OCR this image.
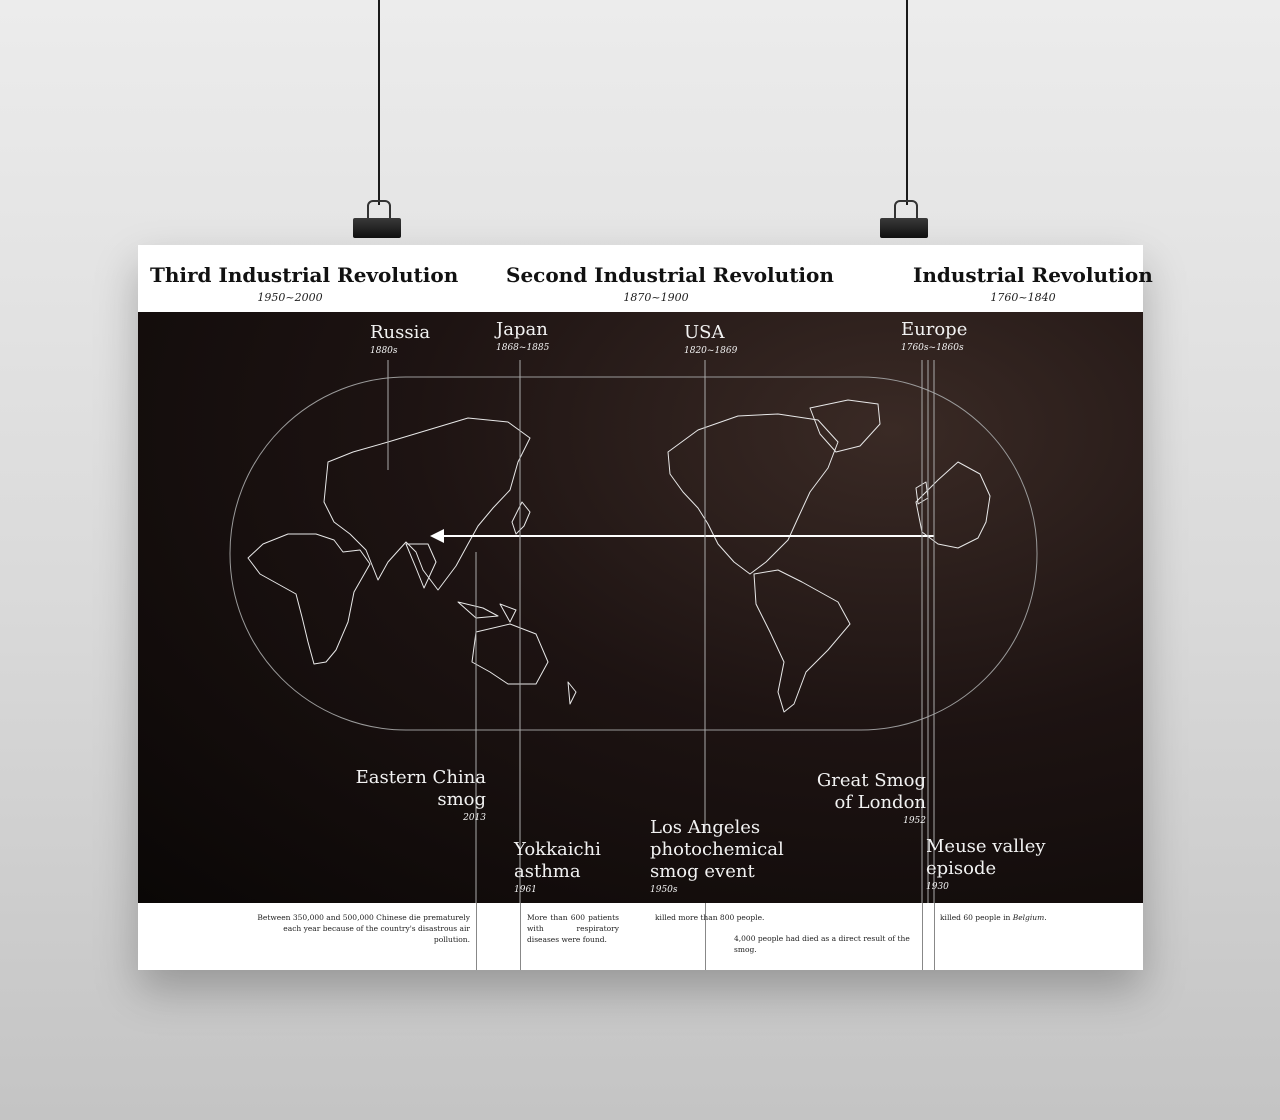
Third Industrial Revolution
1950~2000
Second Industrial Revolution
1870~1900
Industrial Revolution
1760~1840
Russia
1880s
Japan
1868~1885
USA
1820~1869
Europe
1760s~1860s
Eastern China
smog
2013
Yokkaichi
asthma
1961
Los Angeles
photochemical
smog event
1950s
Great Smog
of London
1952
Meuse valley
episode
1930
Between 350,000 and 500,000 Chinese die prematurely each year because of the country's disastrous air pollution.
More than 600 patients with respiratory diseases were found.
killed more than 800 people.
4,000 people had died as a direct result of the smog.
killed 60 people in Belgium.
